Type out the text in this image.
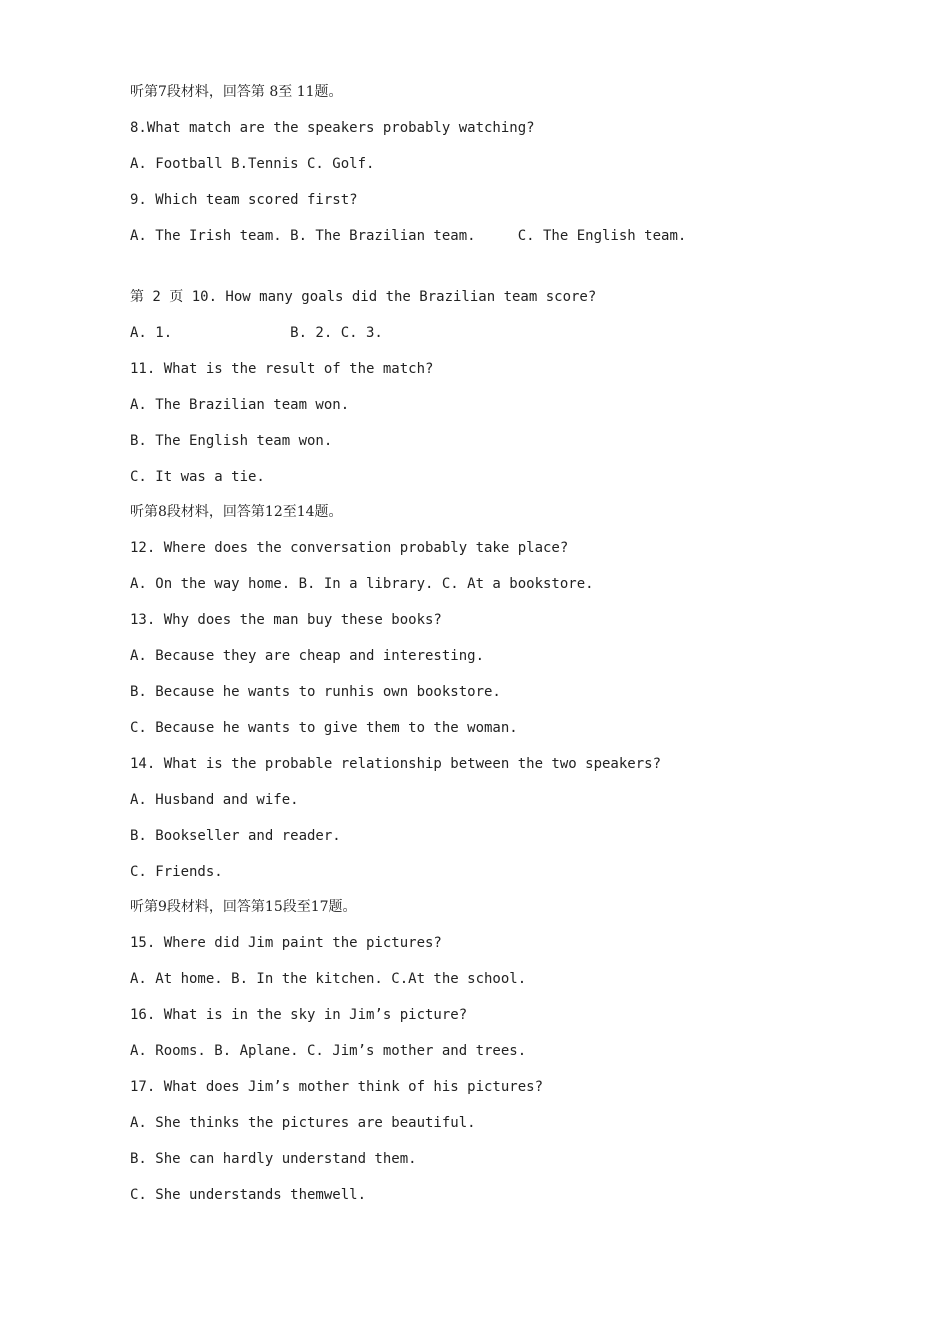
听第7段材料，回答第 8至 11题。
8.What match are the speakers probably watching?
A. Football B.Tennis C. Golf.
9. Which team scored first?
A. The Irish team. B. The Brazilian team.     C. The English team.
第 2 页 10. How many goals did the Brazilian team score?
A. 1.              B. 2. C. 3.
11. What is the result of the match?
A. The Brazilian team won.
B. The English team won.
C. It was a tie.
听第8段材料，回答第12至14题。
12. Where does the conversation probably take place?
A. On the way home. B. In a library. C. At a bookstore.
13. Why does the man buy these books?
A. Because they are cheap and interesting.
B. Because he wants to runhis own bookstore.
C. Because he wants to give them to the woman.
14. What is the probable relationship between the two speakers?
A. Husband and wife.
B. Bookseller and reader.
C. Friends.
听第9段材料，回答第15段至17题。
15. Where did Jim paint the pictures?
A. At home. B. In the kitchen. C.At the school.
16. What is in the sky in Jim’s picture?
A. Rooms. B. Aplane. C. Jim’s mother and trees.
17. What does Jim’s mother think of his pictures?
A. She thinks the pictures are beautiful.
B. She can hardly understand them.
C. She understands themwell.
